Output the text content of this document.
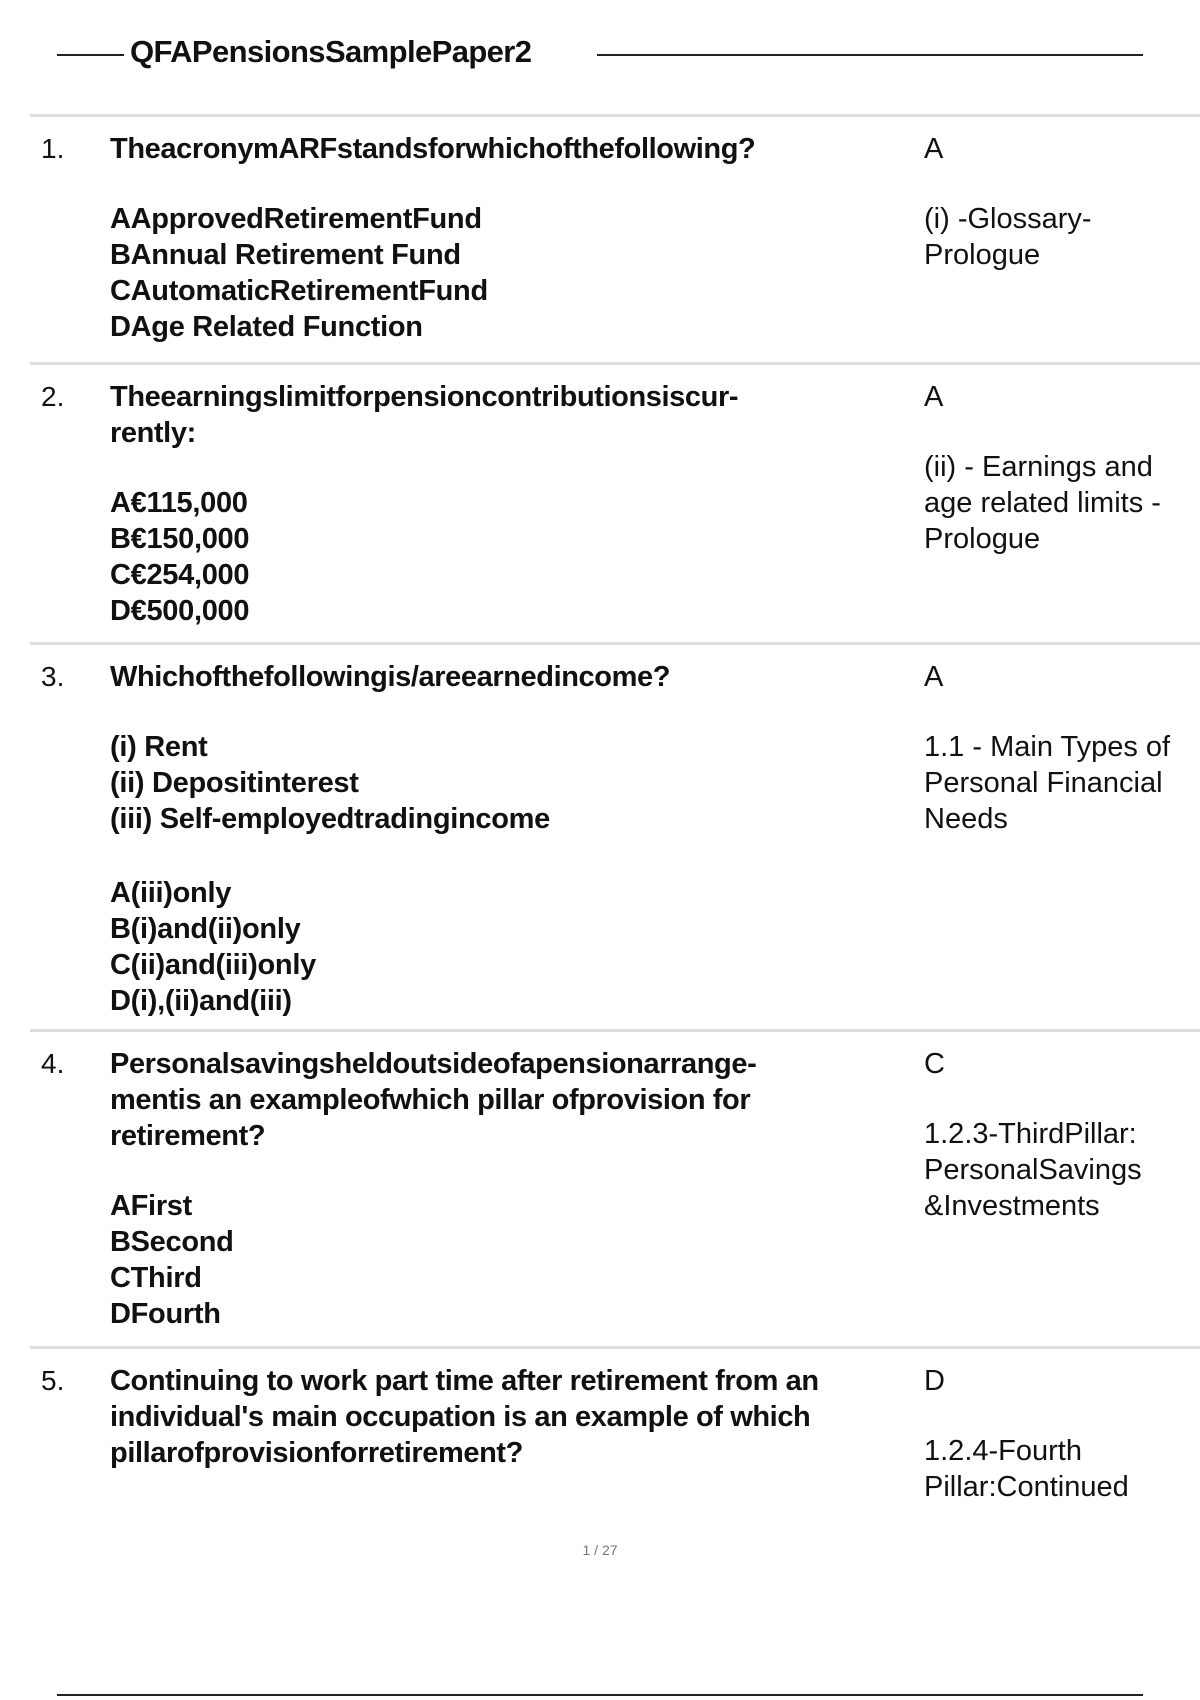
QFAPensionsSamplePaper2
1. TheacronymARFstandsforwhichofthefollowing?
AApprovedRetirementFund
BAnnual Retirement Fund
CAutomaticRetirementFund
DAge Related Function
A
(i) -Glossary-
Prologue
2. Theearningslimitforpensioncontributionsiscur-
rently:
A€115,000
B€150,000
C€254,000
D€500,000
A
(ii) - Earnings and
age related limits -
Prologue
3. Whichofthefollowingis/areearnedincome?
(i) Rent
(ii) Depositinterest
(iii) Self-employedtradingincome
A(iii)only
B(i)and(ii)only
C(ii)and(iii)only
D(i),(ii)and(iii)
A
1.1 - Main Types of
Personal Financial
Needs
4. Personalsavingsheldoutsideofapensionarrange-
mentis an exampleofwhich pillar ofprovision for
retirement?
AFirst
BSecond
CThird
DFourth
C
1.2.3-ThirdPillar:
PersonalSavings
&Investments
5. Continuing to work part time after retirement from an
individual's main occupation is an example of which
pillarofprovisionforretirement?
D
1.2.4-Fourth
Pillar:Continued
1 / 27
